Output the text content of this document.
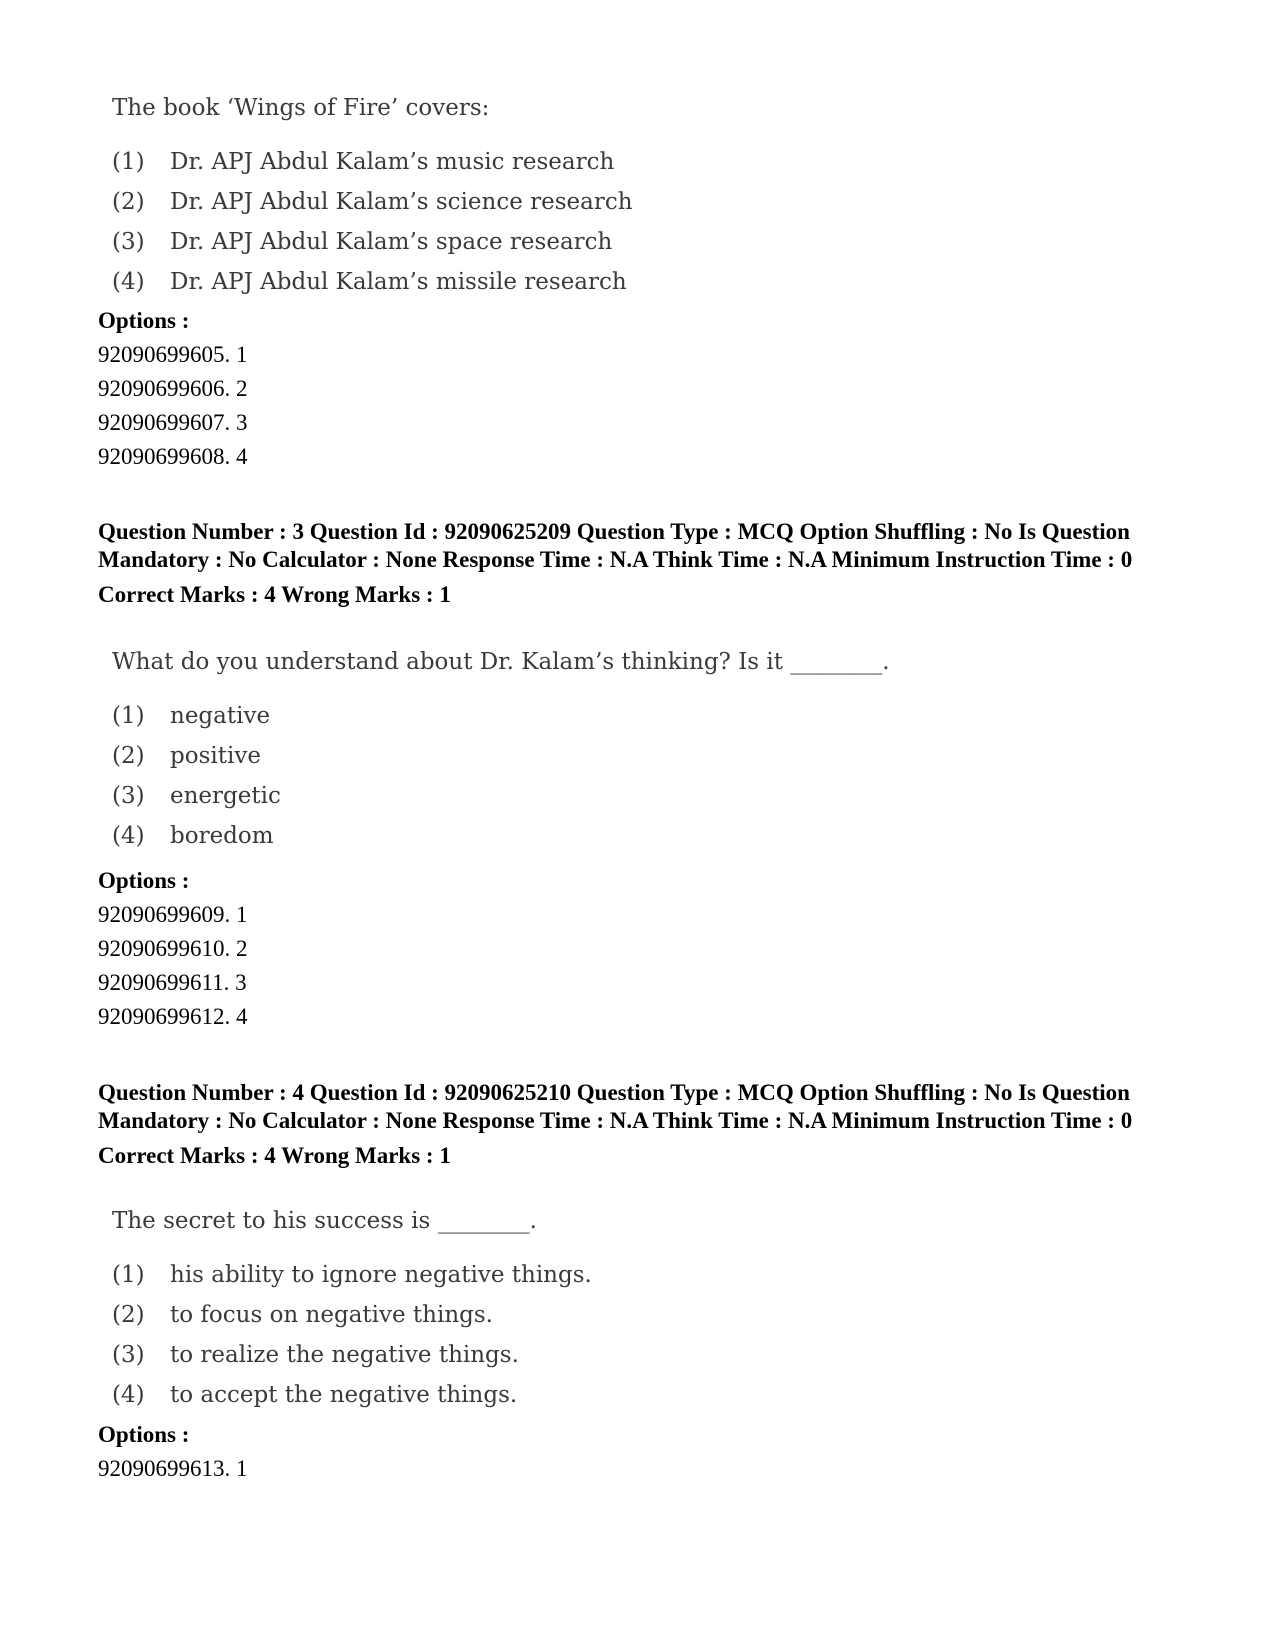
The book ‘Wings of Fire’ covers:
(1)	Dr. APJ Abdul Kalam’s music research
(2)	Dr. APJ Abdul Kalam’s science research
(3)	Dr. APJ Abdul Kalam’s space research
(4)	Dr. APJ Abdul Kalam’s missile research
Options :
92090699605. 1
92090699606. 2
92090699607. 3
92090699608. 4

Question Number : 3 Question Id : 92090625209 Question Type : MCQ Option Shuffling : No Is Question Mandatory : No Calculator : None Response Time : N.A Think Time : N.A Minimum Instruction Time : 0

Correct Marks : 4 Wrong Marks : 1
What do you understand about Dr. Kalam’s thinking? Is it ________.
(1)	negative
(2)	positive
(3)	energetic
(4)	boredom
Options :
92090699609. 1
92090699610. 2
92090699611. 3
92090699612. 4

Question Number : 4 Question Id : 92090625210 Question Type : MCQ Option Shuffling : No Is Question Mandatory : No Calculator : None Response Time : N.A Think Time : N.A Minimum Instruction Time : 0

Correct Marks : 4 Wrong Marks : 1
The secret to his success is ________.
(1)	his ability to ignore negative things.
(2)	to focus on negative things.
(3)	to realize the negative things.
(4)	to accept the negative things.
Options :
92090699613. 1
